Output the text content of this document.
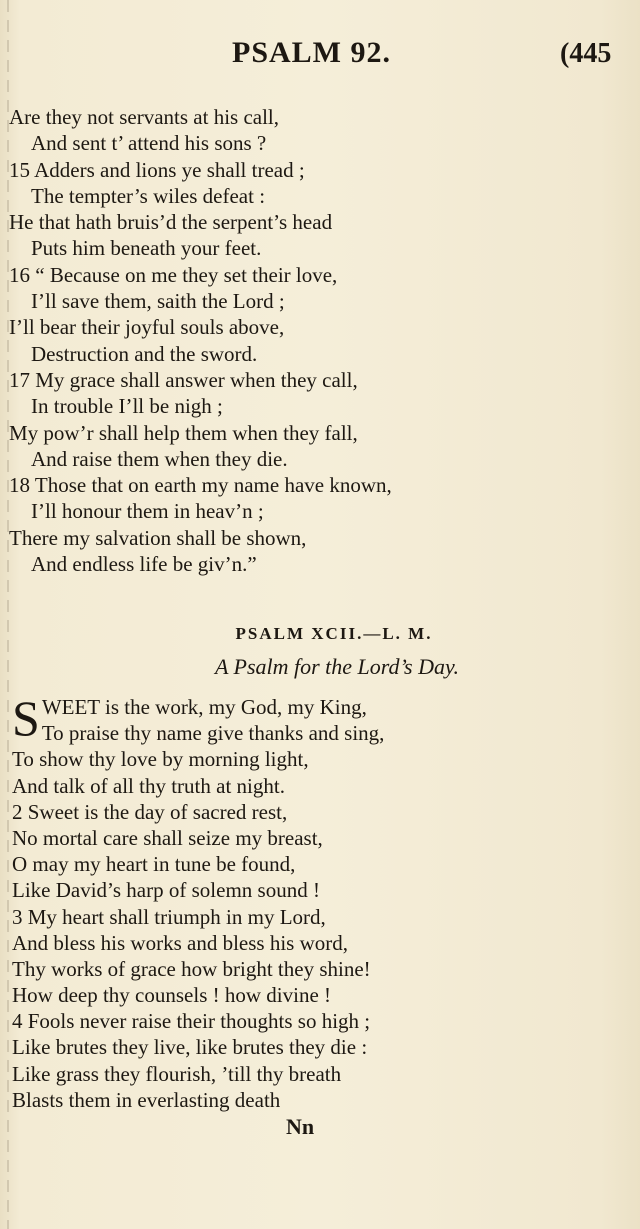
PSALM 92.	(445
Are they not servants at his call,
And sent t’ attend his sons ?
15 Adders and lions ye shall tread ;
The tempter’s wiles defeat :
He that hath bruis’d the serpent’s head
Puts him beneath your feet.
16 “ Because on me they set their love,
I’ll save them, saith the Lord ;
I’ll bear their joyful souls above,
Destruction and the sword.
17 My grace shall answer when they call,
In trouble I’ll be nigh ;
My pow’r shall help them when they fall,
And raise them when they die.
18 Those that on earth my name have known,
I’ll honour them in heav’n ;
There my salvation shall be shown,
And endless life be giv’n.”
PSALM XCII.—L. M.
A Psalm for the Lord’s Day.
S WEET is the work, my God, my King,
To praise thy name give thanks and sing,
To show thy love by morning light,
And talk of all thy truth at night.
2 Sweet is the day of sacred rest,
No mortal care shall seize my breast,
O may my heart in tune be found,
Like David’s harp of solemn sound !
3 My heart shall triumph in my Lord,
And bless his works and bless his word,
Thy works of grace how bright they shine!
How deep thy counsels ! how divine !
4 Fools never raise their thoughts so high ;
Like brutes they live, like brutes they die :
Like grass they flourish, ’till thy breath
Blasts them in everlasting death
Nn
